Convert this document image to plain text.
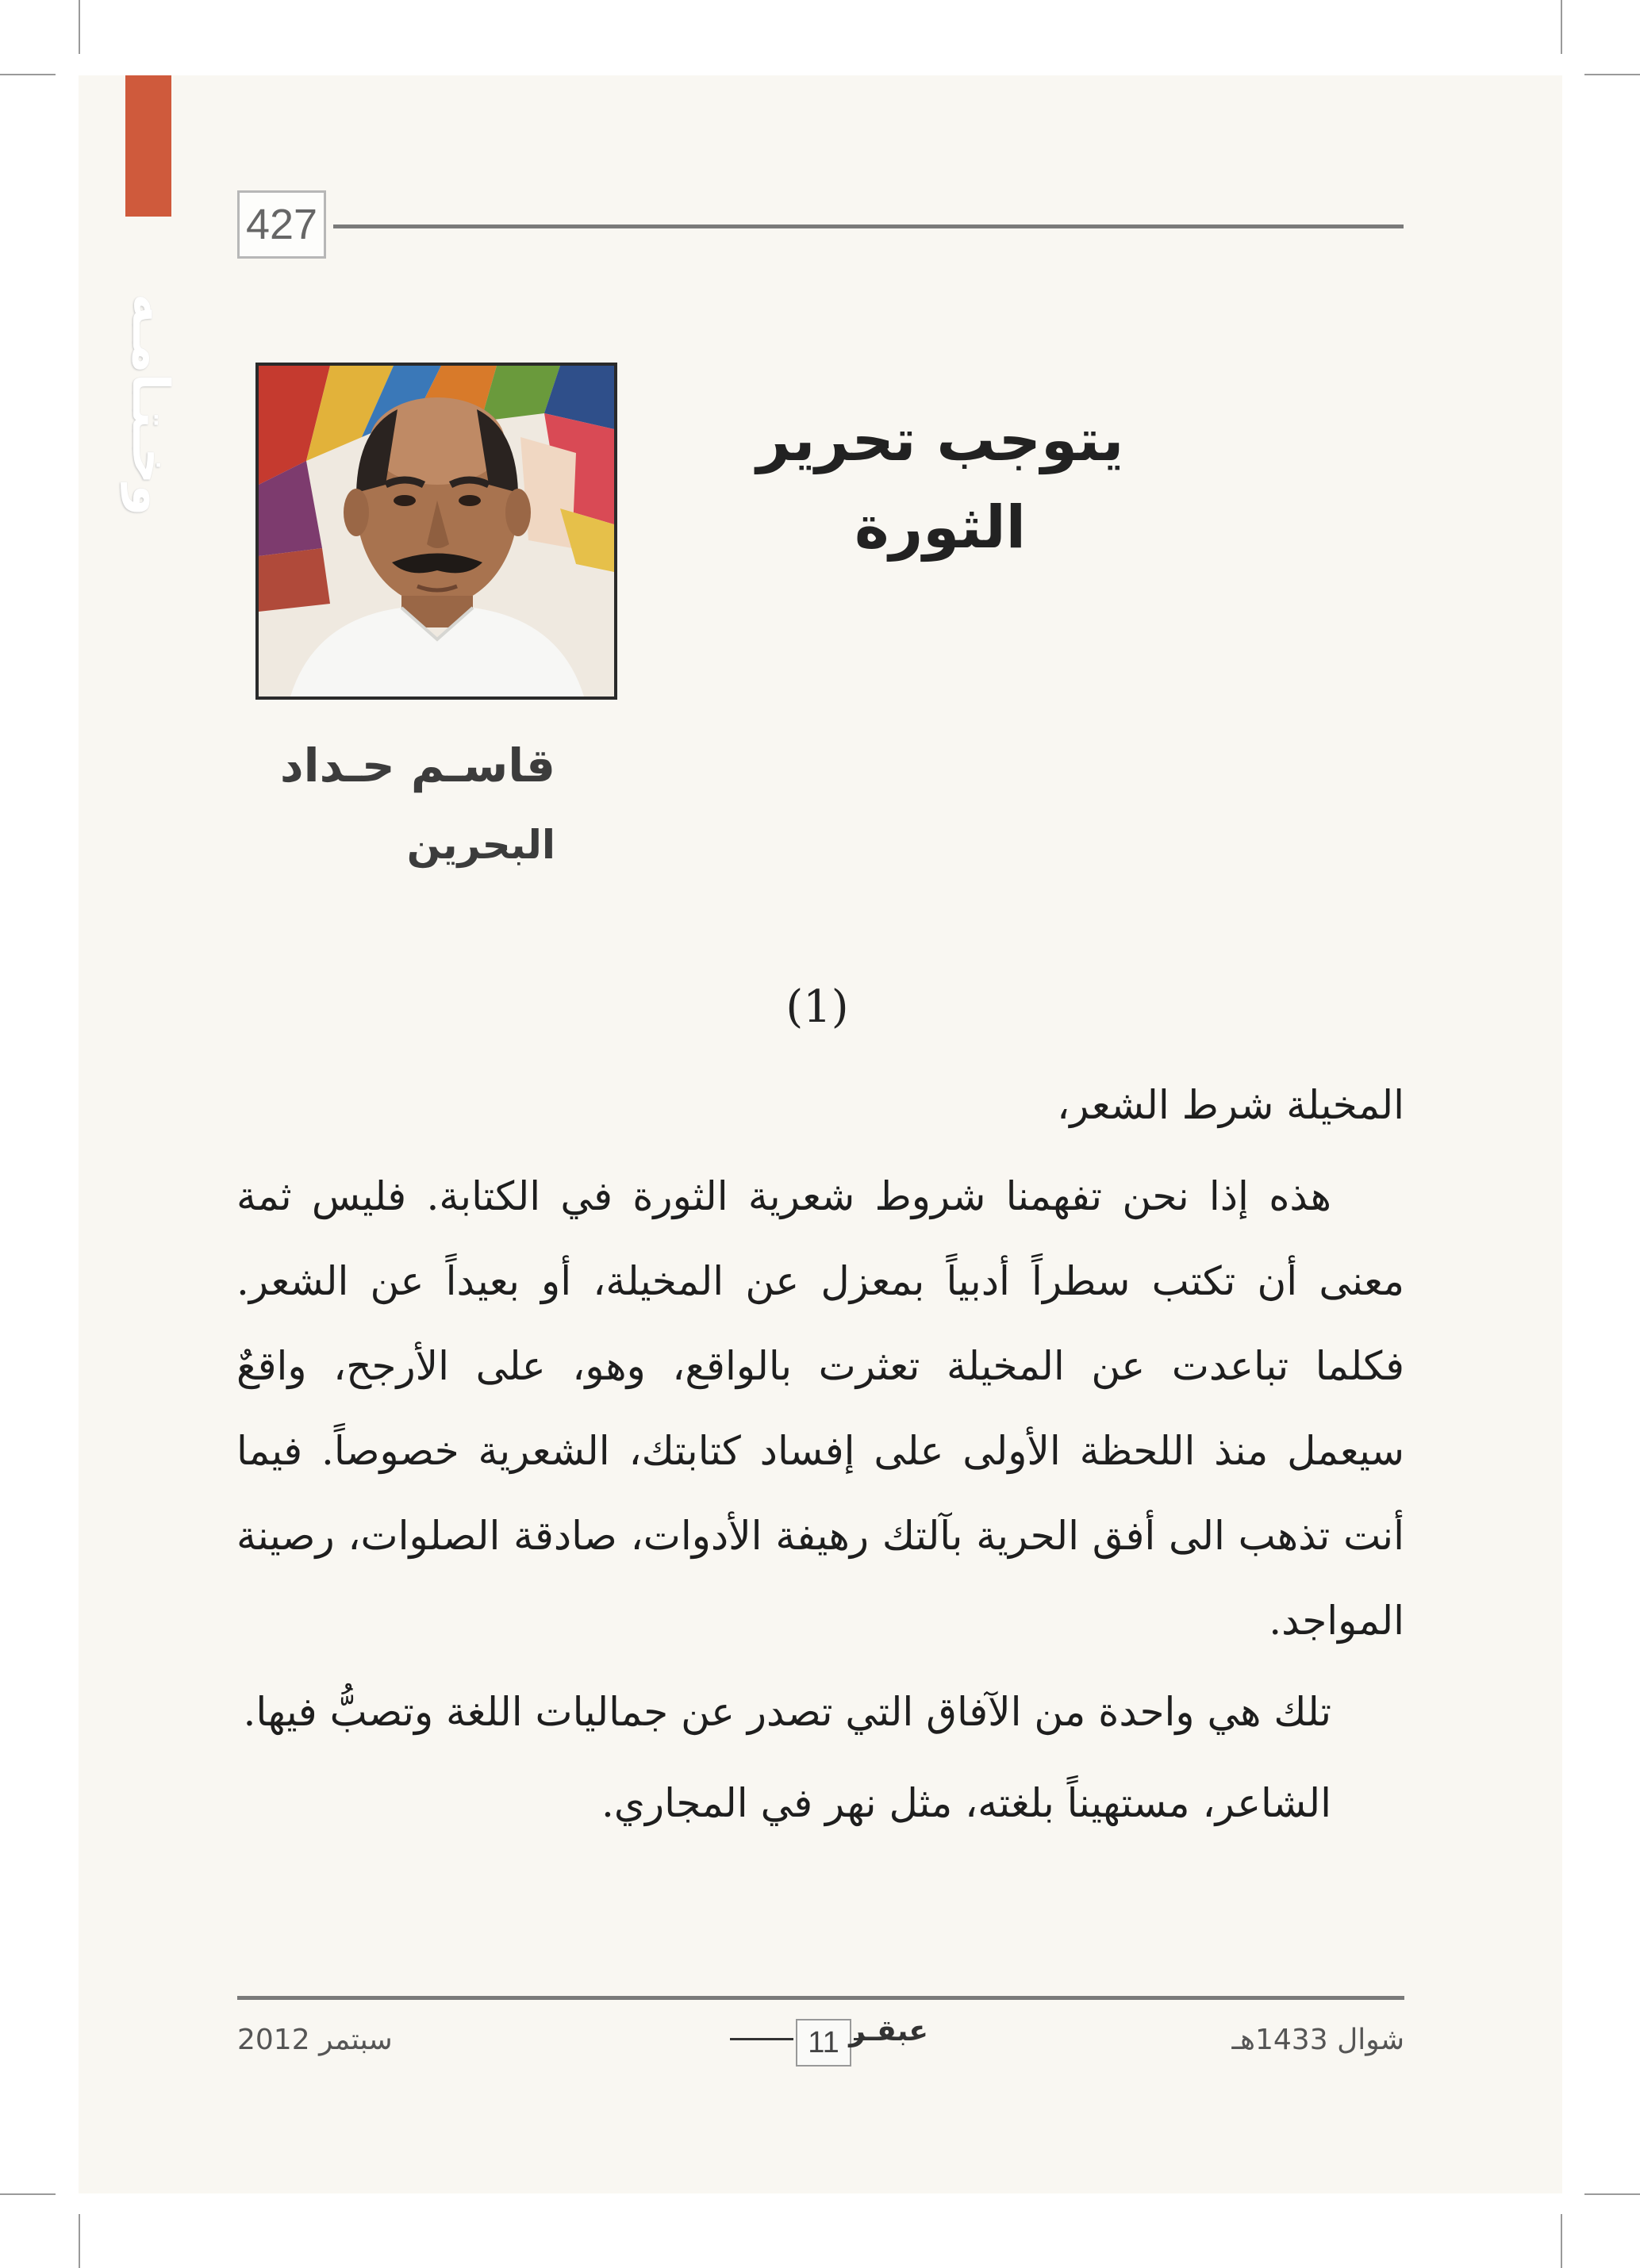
وخـتـامـه
427
يتوجب تحرير الثورة
قاسـم حـداد
البحرين
(1)

المخيلة شرط الشعر،

هذه إذا نحن تفهمنا شروط شعرية الثورة في الكتابة. فليس ثمة معنى أن تكتب سطراً أدبياً بمعزل عن المخيلة، أو بعيداً عن الشعر. فكلما تباعدت عن المخيلة تعثرت بالواقع، وهو، على الأرجح، واقعٌ سيعمل منذ اللحظة الأولى على إفساد كتابتك، الشعرية خصوصاً. فيما أنت تذهب الى أفق الحرية بآلتك رهيفة الأدوات، صادقة الصلوات، رصينة المواجد.

تلك هي واحدة من الآفاق التي تصدر عن جماليات اللغة وتصبُّ فيها.

الشاعر، مستهيناً بلغته، مثل نهر في المجاري.

سبتمر 2012	11 عبقـر	شوال 1433هـ
